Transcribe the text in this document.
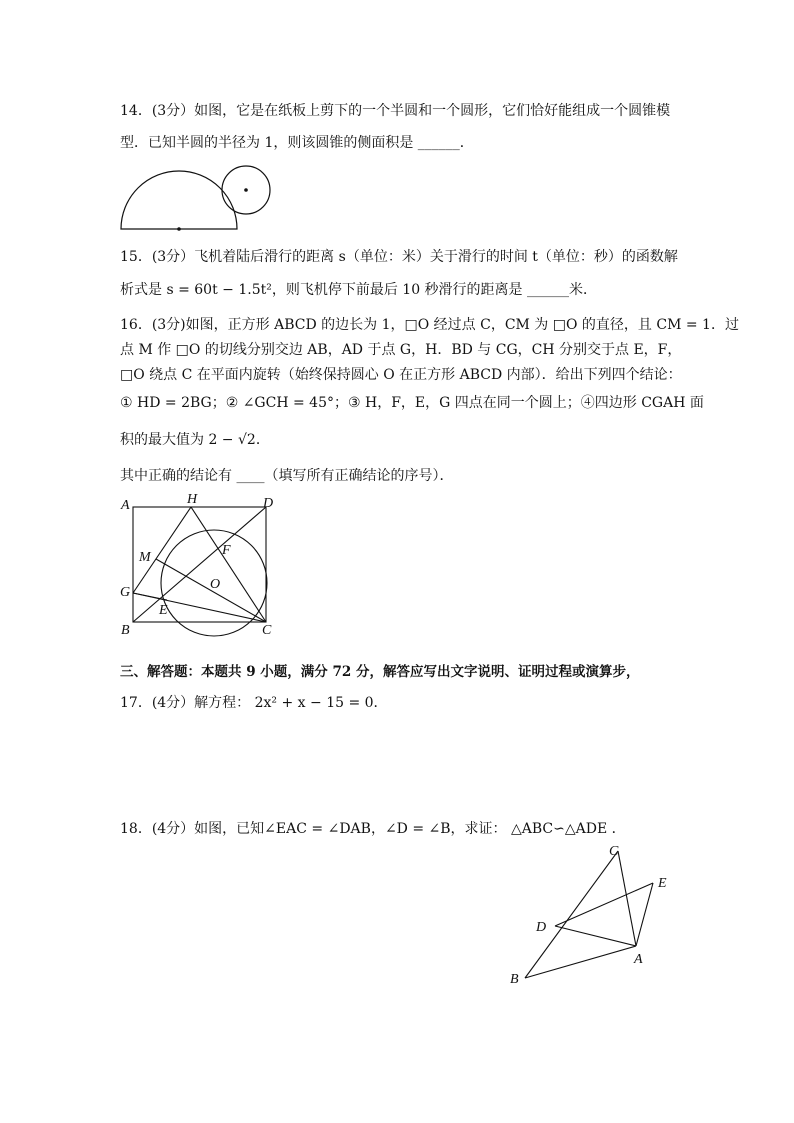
14．(3分）如图，它是在纸板上剪下的一个半圆和一个圆形，它们恰好能组成一个圆锥模
型．已知半圆的半径为 1，则该圆锥的侧面积是 ______．
15．(3分）飞机着陆后滑行的距离 s（单位：米）关于滑行的时间 t（单位：秒）的函数解
析式是 s = 60t − 1.5t²，则飞机停下前最后 10 秒滑行的距离是 ______米．
16．(3分)如图，正方形 ABCD 的边长为 1，□O 经过点 C，CM 为 □O 的直径，且 CM = 1．过
点 M 作 □O 的切线分别交边 AB，AD 于点 G，H．BD 与 CG，CH 分别交于点 E，F，
□O 绕点 C 在平面内旋转（始终保持圆心 O 在正方形 ABCD 内部）．给出下列四个结论：
① HD = 2BG；② ∠GCH = 45°；③ H，F，E，G 四点在同一个圆上；④四边形 CGAH 面
积的最大值为 2 − √2．
其中正确的结论有 ____（填写所有正确结论的序号）．
A	H	D
M	F
O
G
E
B	C
三、解答题：本题共 9 小题，满分 72 分，解答应写出文字说明、证明过程或演算步，
17．(4分）解方程： 2x² + x − 15 = 0．
18．(4分）如图，已知∠EAC = ∠DAB，∠D = ∠B，求证： △ABC∽△ADE ．
C
E
D
A
B
